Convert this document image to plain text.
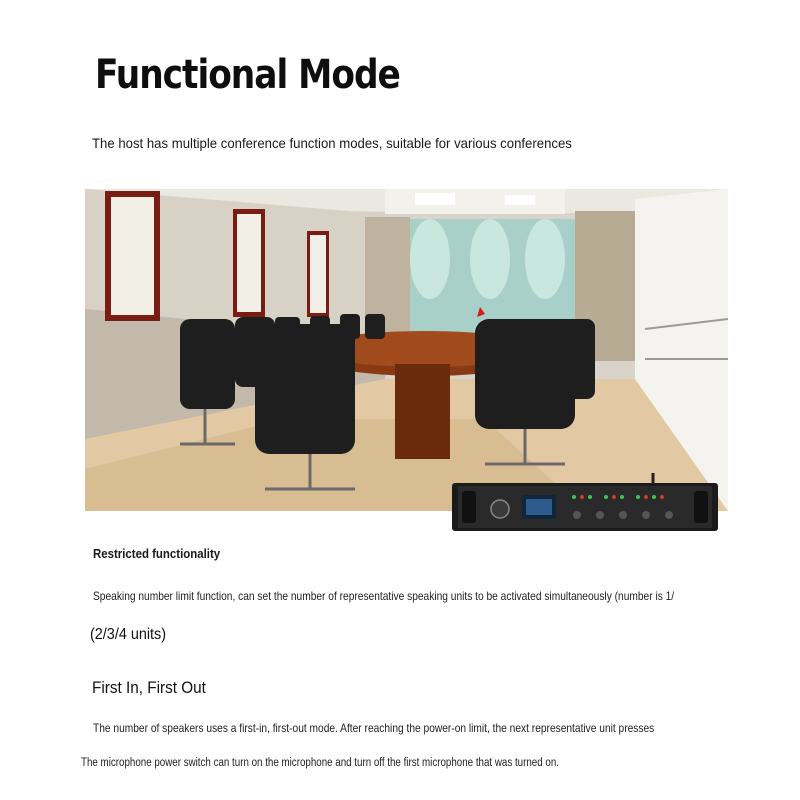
Functional Mode
The host has multiple conference function modes, suitable for various conferences
Restricted functionality
Speaking number limit function, can set the number of representative speaking units to be activated simultaneously (number is 1/
(2/3/4 units)
First In, First Out
The number of speakers uses a first-in, first-out mode. After reaching the power-on limit, the next representative unit presses
The microphone power switch can turn on the microphone and turn off the first microphone that was turned on.
